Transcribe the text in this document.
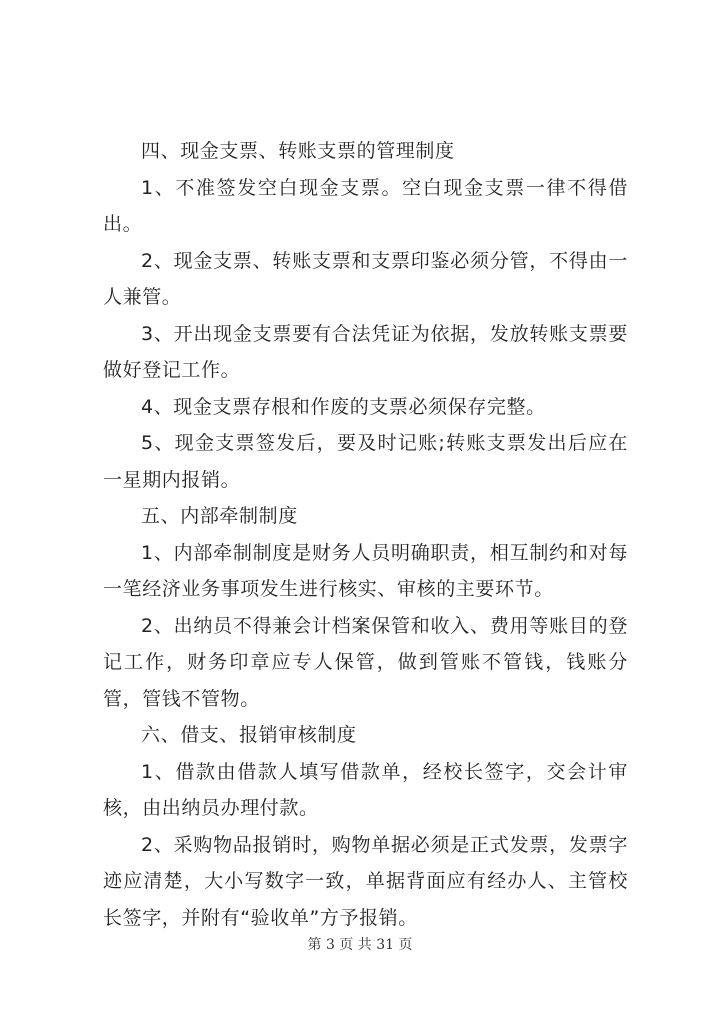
四、现金支票、转账支票的管理制度

1、不准签发空白现金支票。空白现金支票一律不得借出。

2、现金支票、转账支票和支票印鉴必须分管，不得由一人兼管。

3、开出现金支票要有合法凭证为依据，发放转账支票要做好登记工作。

4、现金支票存根和作废的支票必须保存完整。

5、现金支票签发后，要及时记账;转账支票发出后应在一星期内报销。

五、内部牵制制度

1、内部牵制制度是财务人员明确职责，相互制约和对每一笔经济业务事项发生进行核实、审核的主要环节。

2、出纳员不得兼会计档案保管和收入、费用等账目的登记工作，财务印章应专人保管，做到管账不管钱，钱账分管，管钱不管物。

六、借支、报销审核制度

1、借款由借款人填写借款单，经校长签字，交会计审核，由出纳员办理付款。

2、采购物品报销时，购物单据必须是正式发票，发票字迹应清楚，大小写数字一致，单据背面应有经办人、主管校长签字，并附有“验收单”方予报销。

第 3 页 共 31 页
